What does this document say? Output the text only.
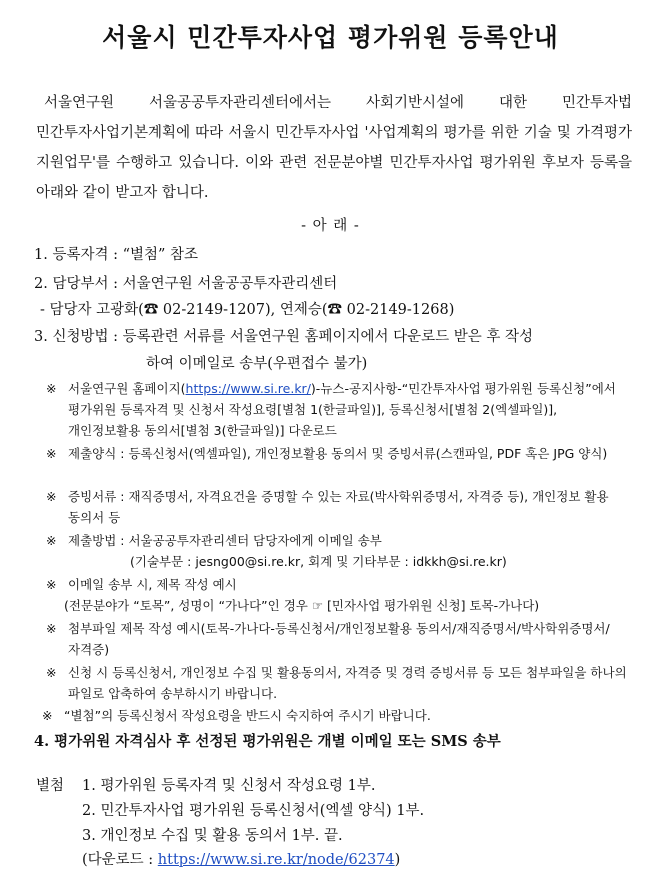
서울시 민간투자사업 평가위원 등록안내
서울연구원 서울공공투자관리센터에서는 사회기반시설에 대한 민간투자법 민간투자사업기본계획에 따라 서울시 민간투자사업 '사업계획의 평가를 위한 기술 및 가격평가 지원업무'를 수행하고 있습니다. 이와 관련 전문분야별 민간투자사업 평가위원 후보자 등록을 아래와 같이 받고자 합니다.
- 아 래 -
1. 등록자격 : “별첨” 참조
2. 담당부서 : 서울연구원 서울공공투자관리센터
- 담당자 고광화(☎ 02-2149-1207), 연제승(☎ 02-2149-1268)
3. 신청방법 : 등록관련 서류를 서울연구원 홈페이지에서 다운로드 받은 후 작성
하여 이메일로 송부(우편접수 불가)
※ 서울연구원 홈페이지(https://www.si.re.kr/)-뉴스-공지사항-“민간투자사업 평가위원 등록신청”에서 평가위원 등록자격 및 신청서 작성요령[별첨 1(한글파일)], 등록신청서[별첨 2(엑셀파일)], 개인정보활용 동의서[별첨 3(한글파일)] 다운로드
※ 제출양식 : 등록신청서(엑셀파일), 개인정보활용 동의서 및 증빙서류(스캔파일, PDF 혹은 JPG 양식)
※ 증빙서류 : 재직증명서, 자격요건을 증명할 수 있는 자료(박사학위증명서, 자격증 등), 개인정보 활용 동의서 등
※ 제출방법 : 서울공공투자관리센터 담당자에게 이메일 송부
(기술부문 : jesng00@si.re.kr, 회계 및 기타부문 : idkkh@si.re.kr)
※ 이메일 송부 시, 제목 작성 예시
(전문분야가 “토목”, 성명이 “가나다”인 경우 ☞ [민자사업 평가위원 신청] 토목-가나다)
※ 첨부파일 제목 작성 예시(토목-가나다-등록신청서/개인정보활용 동의서/재직증명서/박사학위증명서/자격증)
※ 신청 시 등록신청서, 개인정보 수집 및 활용동의서, 자격증 및 경력 증빙서류 등 모든 첨부파일을 하나의 파일로 압축하여 송부하시기 바랍니다.
※ “별첨”의 등록신청서 작성요령을 반드시 숙지하여 주시기 바랍니다.
4. 평가위원 자격심사 후 선정된 평가위원은 개별 이메일 또는 SMS 송부
별첨 1. 평가위원 등록자격 및 신청서 작성요령 1부.
2. 민간투자사업 평가위원 등록신청서(엑셀 양식) 1부.
3. 개인정보 수집 및 활용 동의서 1부. 끝.
(다운로드 : https://www.si.re.kr/node/62374)
